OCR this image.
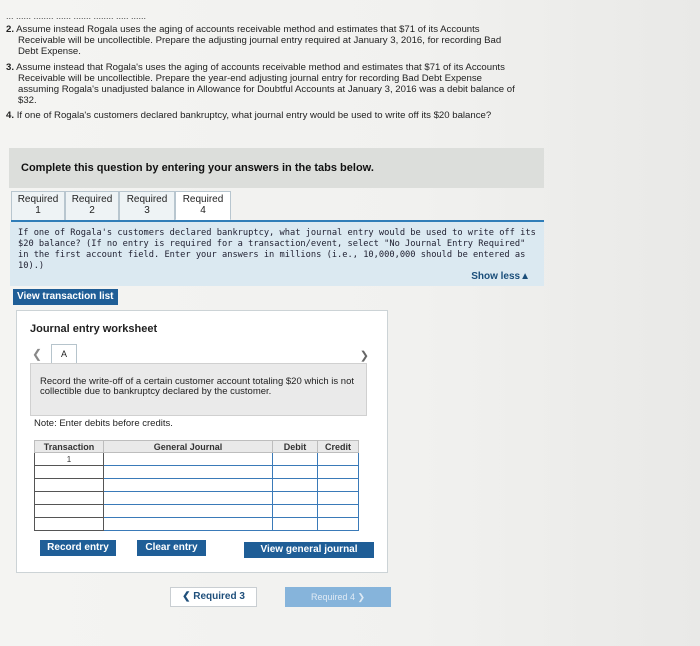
... ...... ........ ...... ....... ........ ..... ......
2. Assume instead Rogala uses the aging of accounts receivable method and estimates that $71 of its Accounts
Receivable will be uncollectible. Prepare the adjusting journal entry required at January 3, 2016, for recording Bad
Debt Expense.
3. Assume instead that Rogala's uses the aging of accounts receivable method and estimates that $71 of its Accounts
Receivable will be uncollectible. Prepare the year-end adjusting journal entry for recording Bad Debt Expense
assuming Rogala's unadjusted balance in Allowance for Doubtful Accounts at January 3, 2016 was a debit balance of
$32.
4. If one of Rogala's customers declared bankruptcy, what journal entry would be used to write off its $20 balance?
Complete this question by entering your answers in the tabs below.
Required
1
Required
2
Required
3
Required
4
If one of Rogala's customers declared bankruptcy, what journal entry would be used to write off its $20 balance? (If no entry is required for a transaction/event, select "No Journal Entry Required" in the first account field. Enter your answers in millions (i.e., 10,000,000 should be entered as 10).)
Show less▲
View transaction list
Journal entry worksheet
❮	A	❯
Record the write-off of a certain customer account totaling $20 which is not collectible due to bankruptcy declared by the customer.
Note: Enter debits before credits.
Transaction	General Journal	Debit	Credit
1			

Record entry	Clear entry	View general journal
❮ Required 3	Required 4 ❯
